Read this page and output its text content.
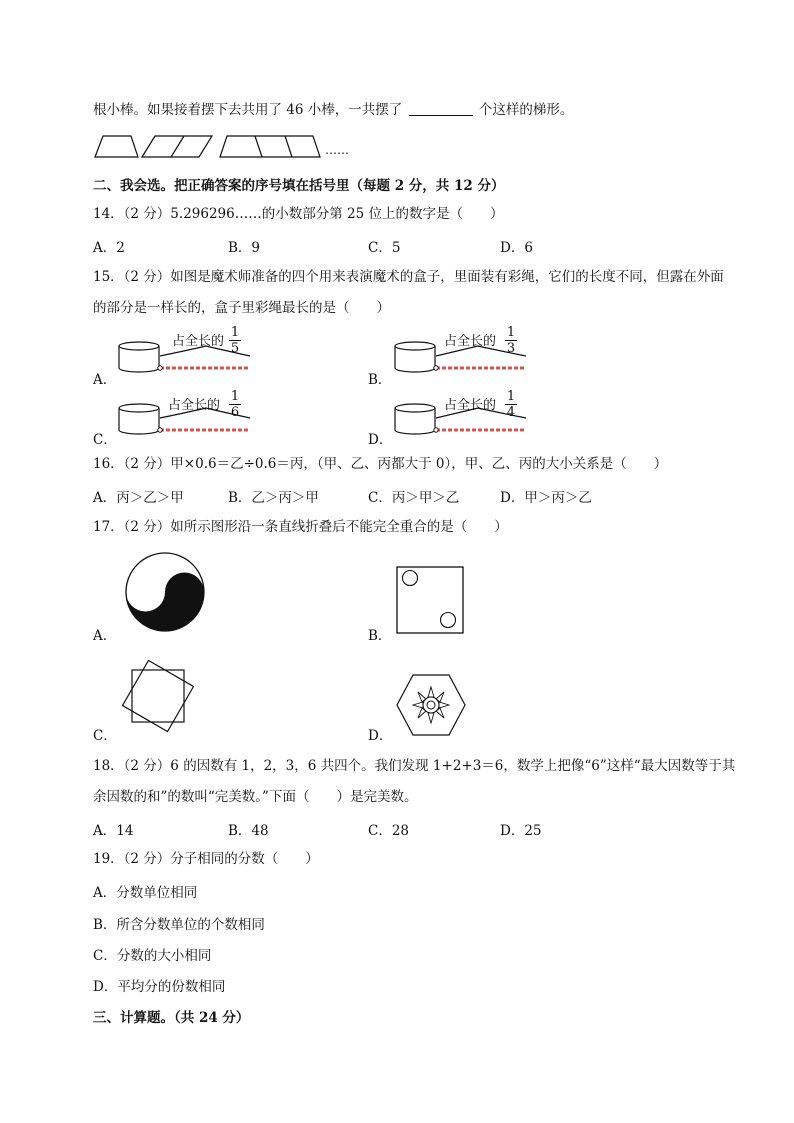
根小棒。如果接着摆下去共用了 46 小棒，一共摆了	个这样的梯形。
……
二、我会选。把正确答案的序号填在括号里（每题 2 分，共 12 分）
14．（2 分）5.296296……的小数部分第 25 位上的数字是（　　）
A．2	B．9	C．5	D．6
15．（2 分）如图是魔术师准备的四个用来表演魔术的盒子，里面装有彩绳，它们的长度不同，但露在外面
的部分是一样长的，盒子里彩绳最长的是（　　）
A．
占全长的
1
5
B．
占全长的
1
3
C．
占全长的
1
6
D．
占全长的
1
4
16．（2 分）甲×0.6＝乙÷0.6＝丙，（甲、乙、丙都大于 0），甲、乙、丙的大小关系是（　　）
A．丙＞乙＞甲	B．乙＞丙＞甲	C．丙＞甲＞乙	D．甲＞丙＞乙
17．（2 分）如所示图形沿一条直线折叠后不能完全重合的是（　　）
A．	B．
C．	D．
18．（2 分）6 的因数有 1，2，3，6 共四个。我们发现 1+2+3＝6，数学上把像“6”这样“最大因数等于其
余因数的和”的数叫“完美数。”下面（　　）是完美数。
A．14	B．48	C．28	D．25
19．（2 分）分子相同的分数（　　）
A．分数单位相同
B．所含分数单位的个数相同
C．分数的大小相同
D．平均分的份数相同
三、计算题。（共 24 分）
